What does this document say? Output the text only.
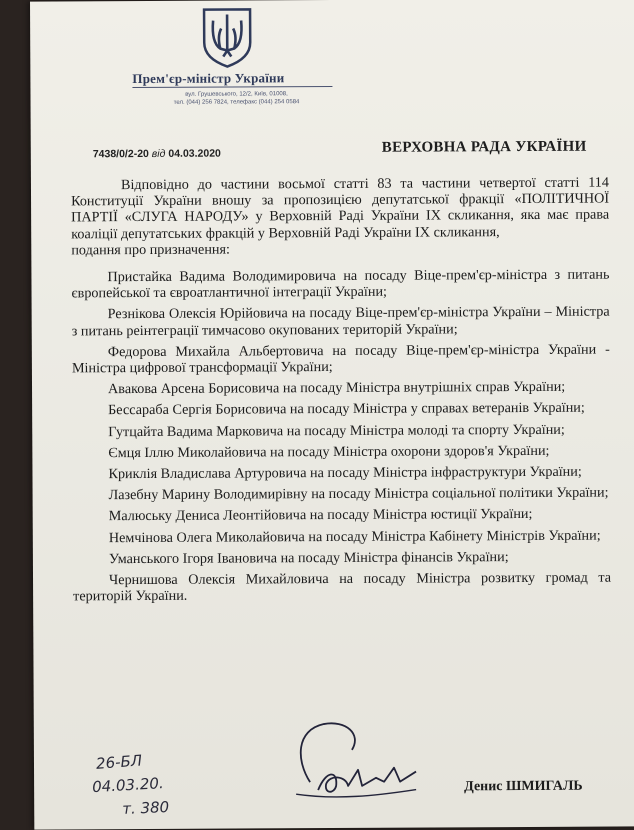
Прем'єр-міністр України
вул. Грушевського, 12/2, Київ, 01008,
тел. (044) 256 7824, телефакс (044) 254 0584
7438/0/2-20 від 04.03.2020	ВЕРХОВНА РАДА УКРАЇНИ

Відповідно до частини восьмої статті 83 та частини четвертої статті 114 Конституції України вношу за пропозицією депутатської фракції «ПОЛІТИЧНОЇ ПАРТІЇ «СЛУГА НАРОДУ» у Верховній Раді України IX скликання, яка має права коаліції депутатських фракцій у Верховній Раді України IX скликання,

подання про призначення:

Пристайка Вадима Володимировича на посаду Віце-прем'єр-міністра з питань європейської та євроатлантичної інтеграції України;

Резнікова Олексія Юрійовича на посаду Віце-прем'єр-міністра України – Міністра з питань реінтеграції тимчасово окупованих територій України;

Федорова Михайла Альбертовича на посаду Віце-прем'єр-міністра України - Міністра цифрової трансформації України;

Авакова Арсена Борисовича на посаду Міністра внутрішніх справ України;

Бессараба Сергія Борисовича на посаду Міністра у справах ветеранів України;

Гутцайта Вадима Марковича на посаду Міністра молоді та спорту України;

Ємця Іллю Миколайовича на посаду Міністра охорони здоров'я України;

Криклія Владислава Артуровича на посаду Міністра інфраструктури України;

Лазебну Марину Володимирівну на посаду Міністра соціальної політики України;

Малюську Дениса Леонтійовича на посаду Міністра юстиції України;

Немчінова Олега Миколайовича на посаду Міністра Кабінету Міністрів України;

Уманського Ігоря Івановича на посаду Міністра фінансів України;

Чернишова Олексія Михайловича на посаду Міністра розвитку громад та територій України.

26-БЛ
04.03.20.
т. 380
Денис ШМИГАЛЬ
